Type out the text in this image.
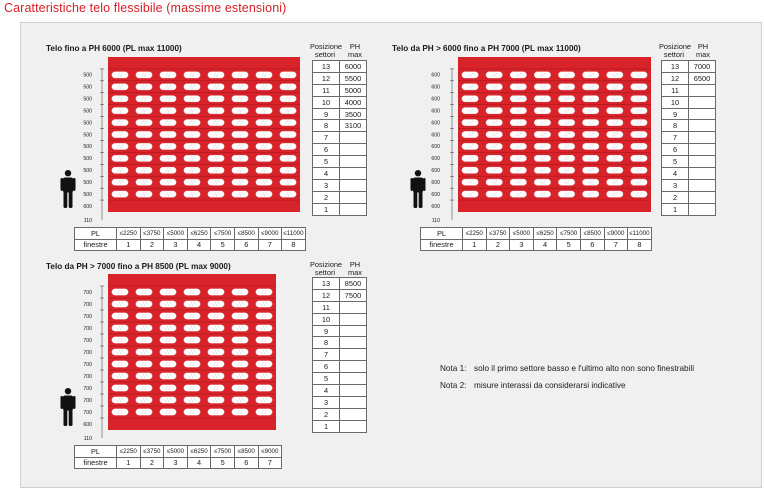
Caratteristiche telo flessibile (massime estensioni)
Telo fino a PH 6000 (PL max 11000)	Telo da PH > 6000 fino a PH 7000 (PL max 11000)
Telo da PH > 7000 fino a PH 8500 (PL max 9000)
Posizione settori
PH max
Posizione settori
PH max
Posizione settori
PH max
13	6000
12	5500
11	5000
10	4000
9	3500
8	3100
7	
6	
5	
4	
3	
2	
1	
13	7000
12	6500
11	
10	
9	
8	
7	
6	
5	
4	
3	
2	
1	
13	8500
12	7500
11	
10	
9	
8	
7	
6	
5	
4	
3	
2	
1	
PL	≤2250	≤3750	≤5000	≤6250	≤7500	≤8500	≤9000	≤11000
finestre	1	2	3	4	5	6	7	8
PL	≤2250	≤3750	≤5000	≤6250	≤7500	≤8500	≤9000	≤11000
finestre	1	2	3	4	5	6	7	8
PL	≤2250	≤3750	≤5000	≤6250	≤7500	≤8500	≤9000
finestre	1	2	3	4	5	6	7
500
500
500
500
500
500
500
500
500
500
500
600
110
600
600
600
600
600
600
600
600
600
600
600
600
110
700
700
700
700
700
700
700
700
700
700
700
600
110
Nota 1: solo il primo settore basso e l'ultimo alto non sono finestrabili
Nota 2: misure interassi da considerarsi indicative
